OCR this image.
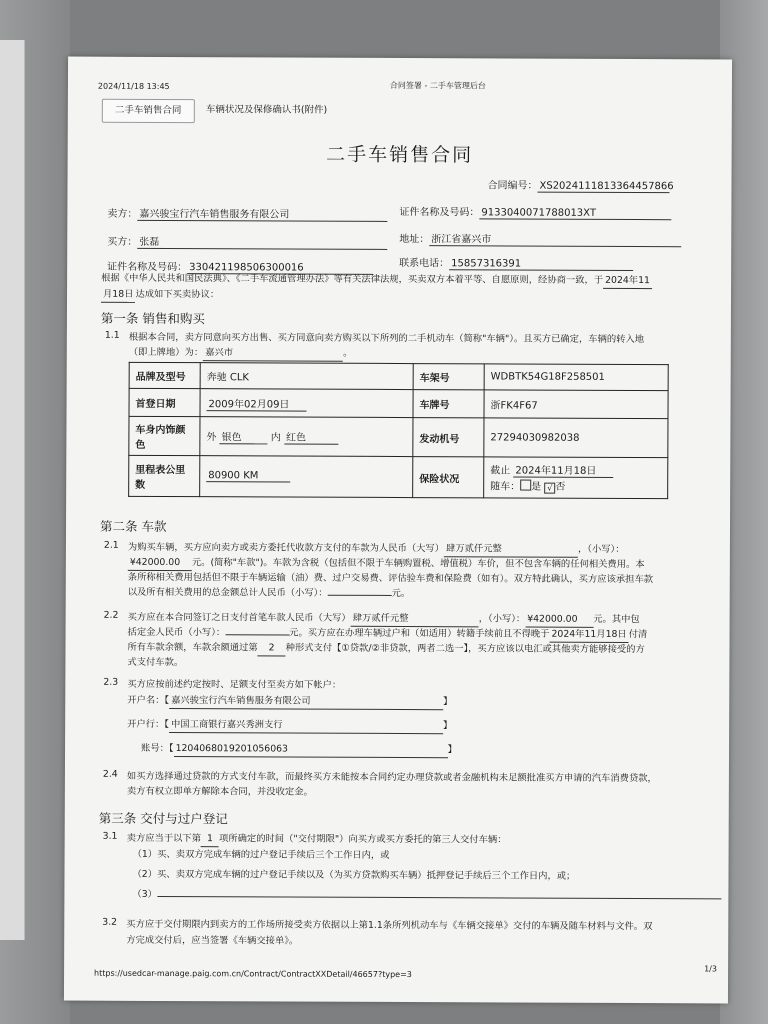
2024/11/18 13:45	合同签署 - 二手车管理后台
二手车销售合同	车辆状况及保修确认书(附件)
二手车销售合同
合同编号： XS2024111813364457866
卖方： 嘉兴骏宝行汽车销售服务有限公司	证件名称及号码： 9133040071788013XT
买方： 张磊	地址： 浙江省嘉兴市
证件名称及号码： 330421198506300016	联系电话： 15857316391
根据《中华人民共和国民法典》、《二手车流通管理办法》等有关法律法规，买卖双方本着平等、自愿原则，经协商一致，于 2024年11
月18日 达成如下买卖协议：
第一条 销售和购买
1.1 根据本合同，卖方同意向买方出售、买方同意向卖方购买以下所列的二手机动车（简称"车辆"）。且买方已确定，车辆的转入地
（即上牌地）为： 嘉兴市	。
品牌及型号	奔驰 CLK	车架号	WDBTK54G18F258501
首登日期	2009年02月09日	车牌号	浙FK4F67
车身内饰颜色	外 银色 内 红色	发动机号	27294030982038
里程表公里数	80900 KM	保险状况	截止 2024年11月18日
随车： 是 √ 否
第二条 车款
2.1 为购买车辆，买方应向卖方或卖方委托代收款方支付的车款为人民币（大写） 肆万贰仟元整	，（小写）：
¥42000.00 元。(简称"车款")。车款为含税（包括但不限于车辆购置税、增值税）车价，但不包含车辆的任何相关费用。本
条所称相关费用包括但不限于车辆运输（油）费、过户交易费、评估验车费和保险费（如有）。双方特此确认，买方应该承担车款
以及所有相关费用的总金额总计人民币（小写）：	元。
2.2 买方应在本合同签订之日支付首笔车款人民币（大写） 肆万贰仟元整	，（小写）： ¥42000.00 元。其中包
括定金人民币（小写）：	元。买方应在办理车辆过户和（如适用）转籍手续前且不得晚于 2024年11月18日 付清
所有车款余额，车款余额通过第 2 种形式支付【①贷款/②非贷款，两者二选一】，买方应该以电汇或其他卖方能够接受的方
式支付车款。
2.3 买方应按前述约定按时、足额支付至卖方如下帐户：
开户名：【 嘉兴骏宝行汽车销售服务有限公司	】
开户行：【 中国工商银行嘉兴秀洲支行	】
账号：【 1204068019201056063	】
2.4 如买方选择通过贷款的方式支付车款，而最终买方未能按本合同约定办理贷款或者金融机构未足额批准买方申请的汽车消费贷款，
卖方有权立即单方解除本合同，并没收定金。
第三条 交付与过户登记
3.1 卖方应当于以下第 1 项所确定的时间（"交付期限"）向买方或买方委托的第三人交付车辆：
（1）买、卖双方完成车辆的过户登记手续后三个工作日内，或
（2）买、卖双方完成车辆的过户登记手续以及（为买方贷款购买车辆）抵押登记手续后三个工作日内，或；
（3）
3.2 买方应于交付期限内到卖方的工作场所接受卖方依据以上第1.1条所列机动车与《车辆交接单》交付的车辆及随车材料与文件。双
方完成交付后，应当签署《车辆交接单》。
https://usedcar-manage.paig.com.cn/Contract/ContractXXDetail/46657?type=3	1/3
